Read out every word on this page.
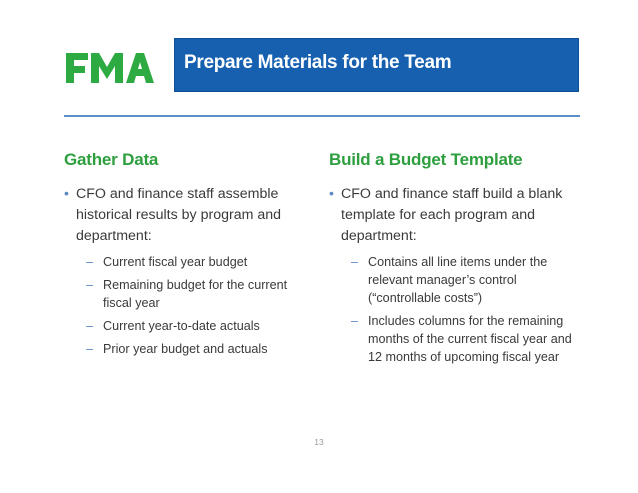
Prepare Materials for the Team
Gather Data
• CFO and finance staff assemble historical results by program and department:
– Current fiscal year budget
– Remaining budget for the current fiscal year
– Current year-to-date actuals
– Prior year budget and actuals
Build a Budget Template
• CFO and finance staff build a blank template for each program and department:
– Contains all line items under the relevant manager’s control (“controllable costs”)
– Includes columns for the remaining months of the current fiscal year and 12 months of upcoming fiscal year
13
